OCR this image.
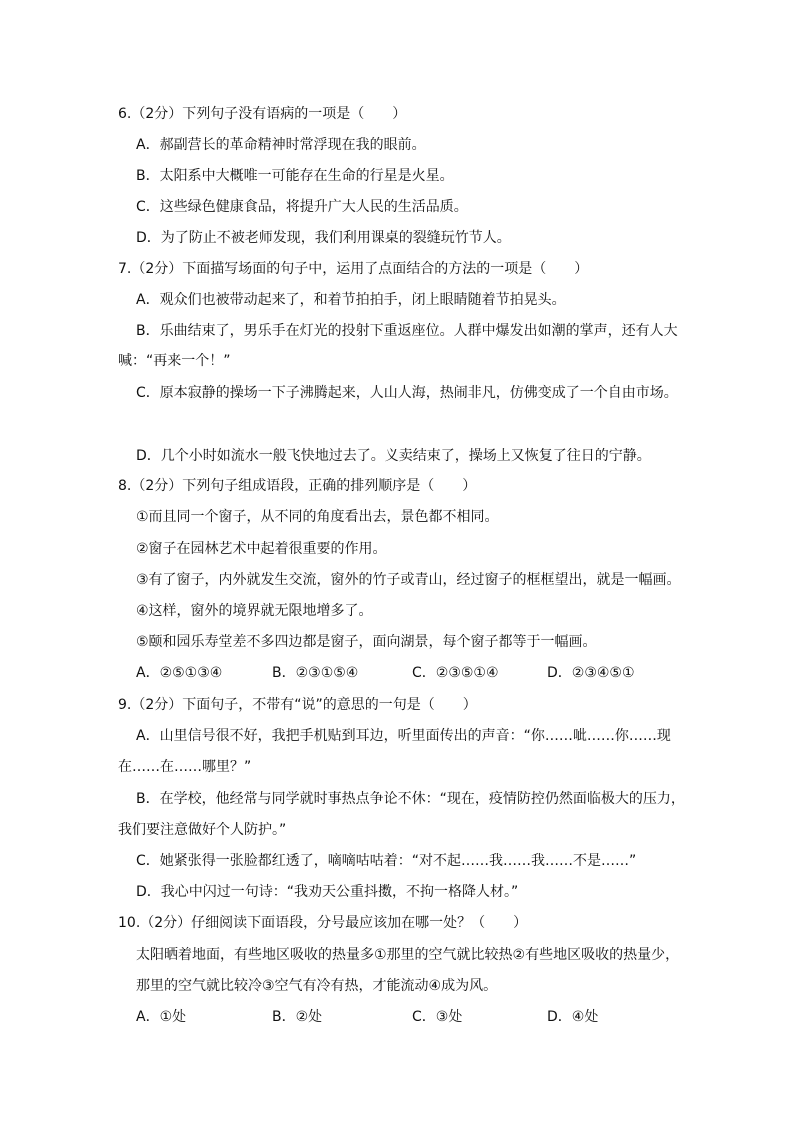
6.（2分）下列句子没有语病的一项是（　　）
A．郝副营长的革命精神时常浮现在我的眼前。
B．太阳系中大概唯一可能存在生命的行星是火星。
C．这些绿色健康食品，将提升广大人民的生活品质。
D．为了防止不被老师发现，我们利用课桌的裂缝玩竹节人。
7.（2分）下面描写场面的句子中，运用了点面结合的方法的一项是（　　）
A．观众们也被带动起来了，和着节拍拍手，闭上眼睛随着节拍晃头。
B．乐曲结束了，男乐手在灯光的投射下重返座位。人群中爆发出如潮的掌声，还有人大
喊：“再来一个！”
C．原本寂静的操场一下子沸腾起来，人山人海，热闹非凡，仿佛变成了一个自由市场。
D．几个小时如流水一般飞快地过去了。义卖结束了，操场上又恢复了往日的宁静。
8.（2分）下列句子组成语段，正确的排列顺序是（　　）
①而且同一个窗子，从不同的角度看出去，景色都不相同。
②窗子在园林艺术中起着很重要的作用。
③有了窗子，内外就发生交流，窗外的竹子或青山，经过窗子的框框望出，就是一幅画。
④这样，窗外的境界就无限地增多了。
⑤颐和园乐寿堂差不多四边都是窗子，面向湖景，每个窗子都等于一幅画。
A．②⑤①③④	B．②③①⑤④	C．②③⑤①④	D．②③④⑤①
9.（2分）下面句子，不带有“说”的意思的一句是（　　）
A．山里信号很不好，我把手机贴到耳边，听里面传出的声音：“你……呲……你……现
在……在……哪里？”
B．在学校，他经常与同学就时事热点争论不休：“现在，疫情防控仍然面临极大的压力，
我们要注意做好个人防护。”
C．她紧张得一张脸都红透了，嘀嘀咕咕着：“对不起……我……我……不是……”
D．我心中闪过一句诗：“我劝天公重抖擞，不拘一格降人材。”
10.（2分）仔细阅读下面语段，分号最应该加在哪一处？（　　）
太阳晒着地面，有些地区吸收的热量多①那里的空气就比较热②有些地区吸收的热量少，
那里的空气就比较冷③空气有冷有热，才能流动④成为风。
A．①处	B．②处	C．③处	D．④处
